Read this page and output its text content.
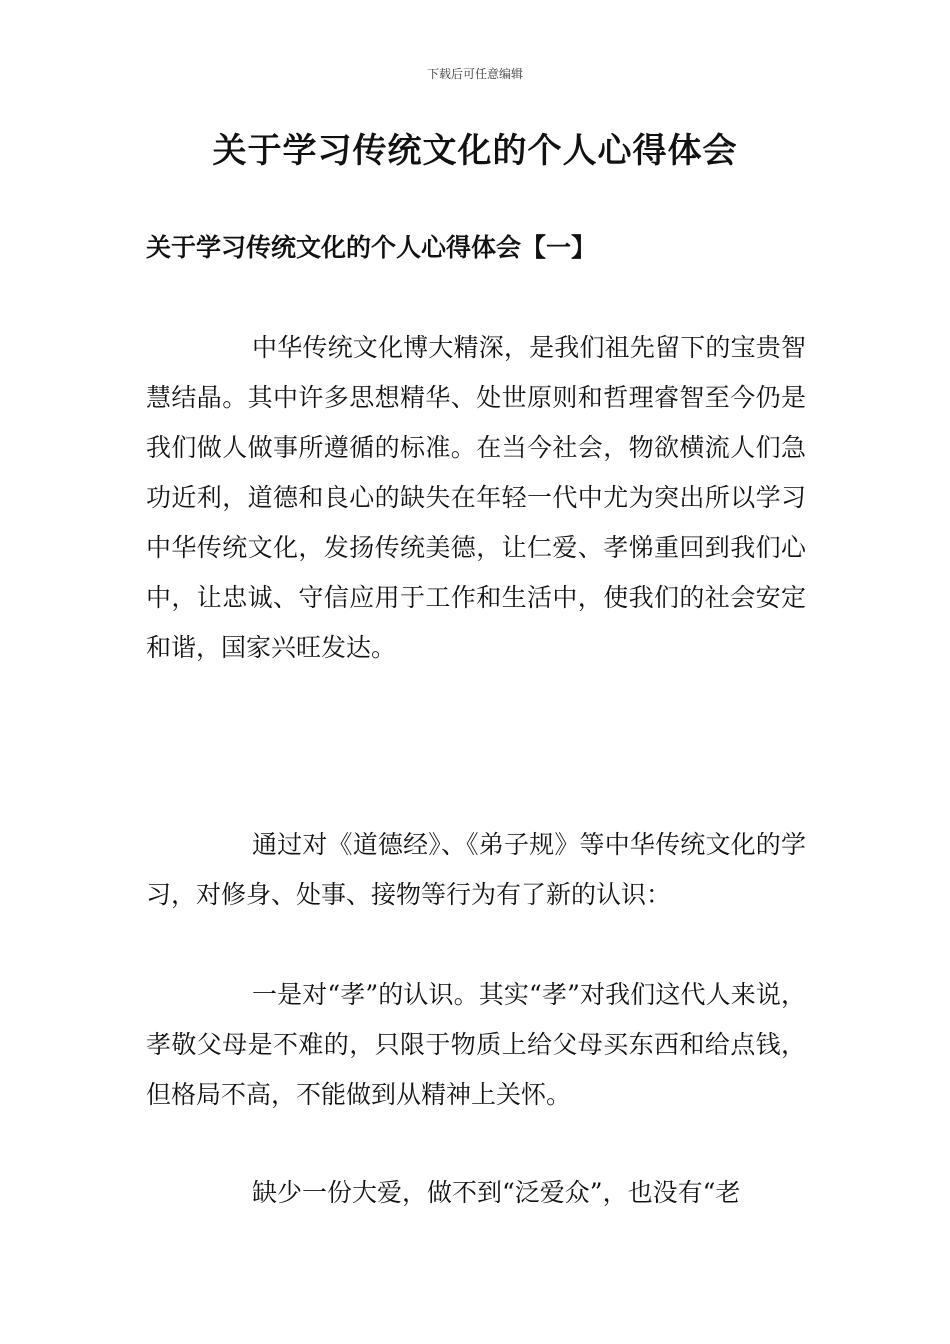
下载后可任意编辑
关于学习传统文化的个人心得体会
关于学习传统文化的个人心得体会【一】

中华传统文化博大精深，是我们祖先留下的宝贵智慧结晶。其中许多思想精华、处世原则和哲理睿智至今仍是我们做人做事所遵循的标准。在当今社会，物欲横流人们急功近利，道德和良心的缺失在年轻一代中尤为突出所以学习中华传统文化，发扬传统美德，让仁爱、孝悌重回到我们心中，让忠诚、守信应用于工作和生活中，使我们的社会安定和谐，国家兴旺发达。

通过对《道德经》、《弟子规》等中华传统文化的学习，对修身、处事、接物等行为有了新的认识：

一是对“孝”的认识。其实“孝”对我们这代人来说，孝敬父母是不难的，只限于物质上给父母买东西和给点钱，但格局不高，不能做到从精神上关怀。

缺少一份大爱，做不到“泛爱众”，也没有“老
